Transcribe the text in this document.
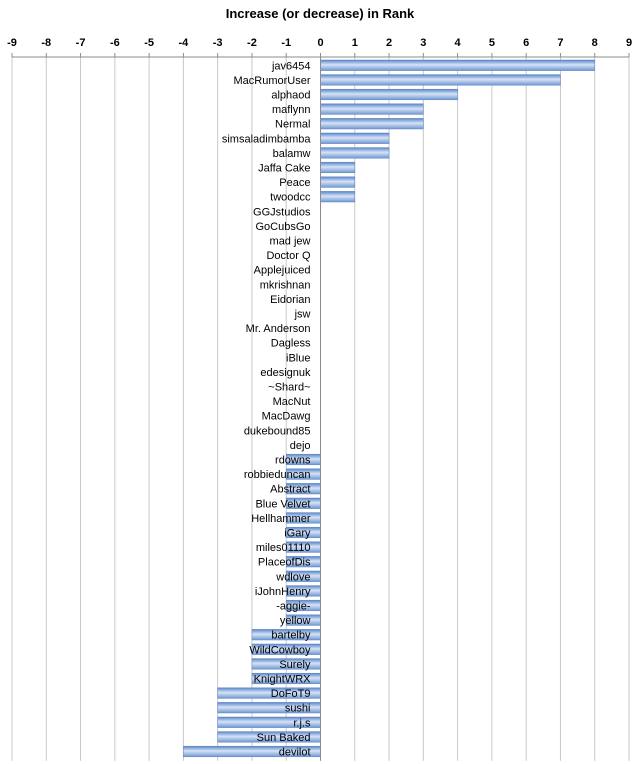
Increase (or decrease) in Rank
-9 -8 -7 -6 -5 -4 -3 -2 -1 0	1	2	3	4	5	6	7	8	9
jav6454
MacRumorUser
alphaod
maflynn
Nermal
simsaladimbamba
balamw
Jaffa Cake
Peace
twoodcc
GGJstudios
GoCubsGo
mad jew
Doctor Q
Applejuiced
mkrishnan
Eidorian
jsw
Mr. Anderson
Dagless
iBlue
edesignuk
~Shard~
MacNut
MacDawg
dukebound85
dejo
rdowns
robbieduncan
Abstract
Blue Velvet
Hellhammer
iGary
miles01110
PlaceofDis
wdlove
iJohnHenry
-aggie-
yellow
bartelby
WildCowboy
Surely
KnightWRX
DoFoT9
sushi
r.j.s
Sun Baked
devilot
